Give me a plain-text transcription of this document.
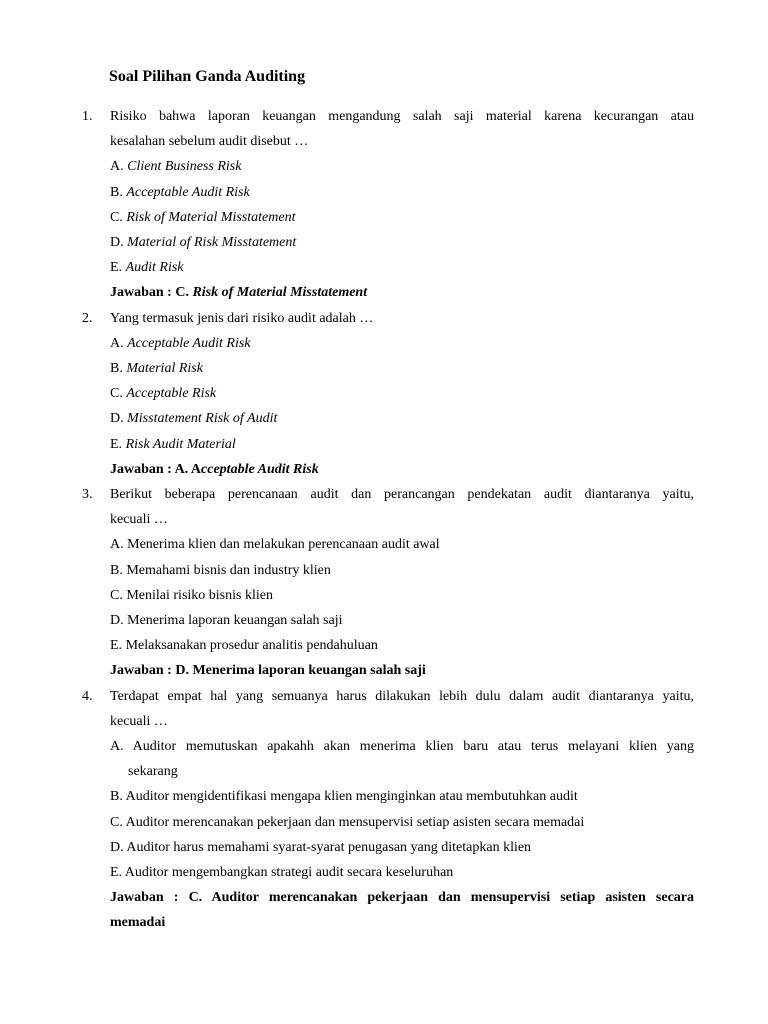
Soal Pilihan Ganda Auditing
1.	Risiko bahwa laporan keuangan mengandung salah saji material karena kecurangan atau
kesalahan sebelum audit disebut …
A. Client Business Risk
B. Acceptable Audit Risk
C. Risk of Material Misstatement
D. Material of Risk Misstatement
E. Audit Risk
Jawaban : C. Risk of Material Misstatement
2.	Yang termasuk jenis dari risiko audit adalah …
A. Acceptable Audit Risk
B. Material Risk
C. Acceptable Risk
D. Misstatement Risk of Audit
E. Risk Audit Material
Jawaban : A. Acceptable Audit Risk
3.	Berikut beberapa perencanaan audit dan perancangan pendekatan audit diantaranya yaitu,
kecuali …
A. Menerima klien dan melakukan perencanaan audit awal
B. Memahami bisnis dan industry klien
C. Menilai risiko bisnis klien
D. Menerima laporan keuangan salah saji
E. Melaksanakan prosedur analitis pendahuluan
Jawaban : D. Menerima laporan keuangan salah saji
4.	Terdapat empat hal yang semuanya harus dilakukan lebih dulu dalam audit diantaranya yaitu,
kecuali …
A. Auditor memutuskan apakahh akan menerima klien baru atau terus melayani klien yang
sekarang
B. Auditor mengidentifikasi mengapa klien menginginkan atau membutuhkan audit
C. Auditor merencanakan pekerjaan dan mensupervisi setiap asisten secara memadai
D. Auditor harus memahami syarat-syarat penugasan yang ditetapkan klien
E. Auditor mengembangkan strategi audit secara keseluruhan
Jawaban : C. Auditor merencanakan pekerjaan dan mensupervisi setiap asisten secara
memadai
